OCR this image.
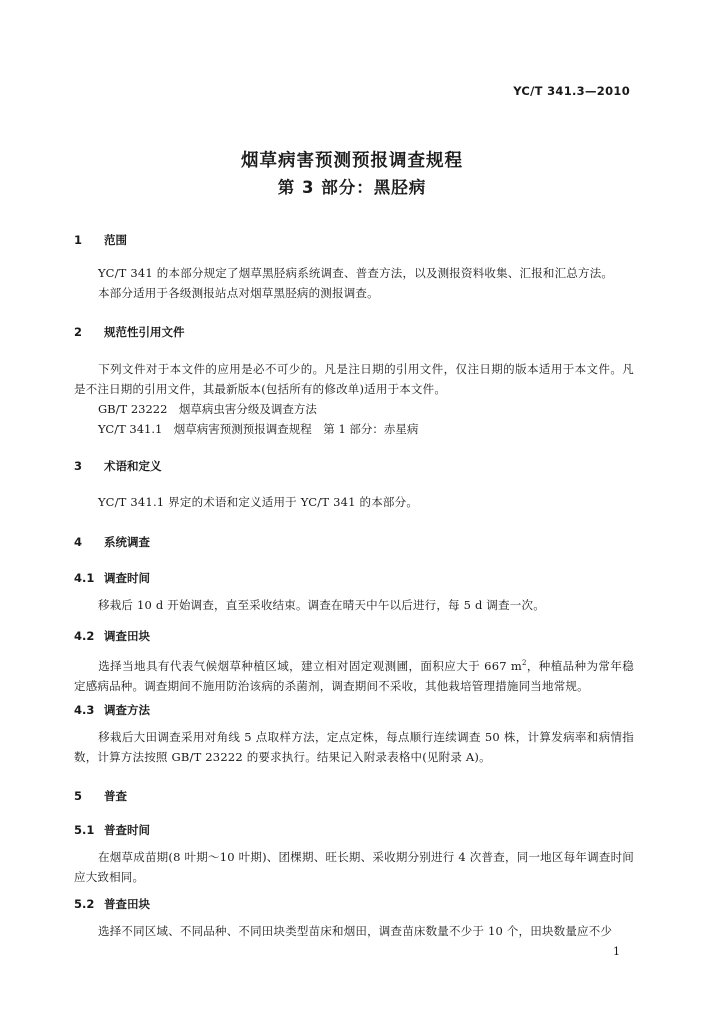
YC/T 341.3—2010
烟草病害预测预报调查规程
第 3 部分：黑胫病
1 范围
YC/T 341 的本部分规定了烟草黑胫病系统调查、普查方法，以及测报资料收集、汇报和汇总方法。
本部分适用于各级测报站点对烟草黑胫病的测报调查。
2 规范性引用文件
下列文件对于本文件的应用是必不可少的。凡是注日期的引用文件，仅注日期的版本适用于本文件。凡是不注日期的引用文件，其最新版本(包括所有的修改单)适用于本文件。
GB/T 23222　烟草病虫害分级及调查方法
YC/T 341.1　烟草病害预测预报调查规程　第 1 部分：赤星病
3 术语和定义
YC/T 341.1 界定的术语和定义适用于 YC/T 341 的本部分。
4 系统调查
4.1 调查时间
移栽后 10 d 开始调查，直至采收结束。调查在晴天中午以后进行，每 5 d 调查一次。
4.2 调查田块
选择当地具有代表气候烟草种植区域，建立相对固定观测圃，面积应大于 667 $m^2$，种植品种为常年稳定感病品种。调查期间不施用防治该病的杀菌剂，调查期间不采收，其他栽培管理措施同当地常规。
4.3 调查方法
移栽后大田调查采用对角线 5 点取样方法，定点定株，每点顺行连续调查 50 株，计算发病率和病情指数，计算方法按照 GB/T 23222 的要求执行。结果记入附录表格中(见附录 A)。
5 普查
5.1 普查时间
在烟草成苗期(8 叶期～10 叶期)、团棵期、旺长期、采收期分别进行 4 次普查，同一地区每年调查时间应大致相同。
5.2 普查田块
选择不同区域、不同品种、不同田块类型苗床和烟田，调查苗床数量不少于 10 个，田块数量应不少
1
